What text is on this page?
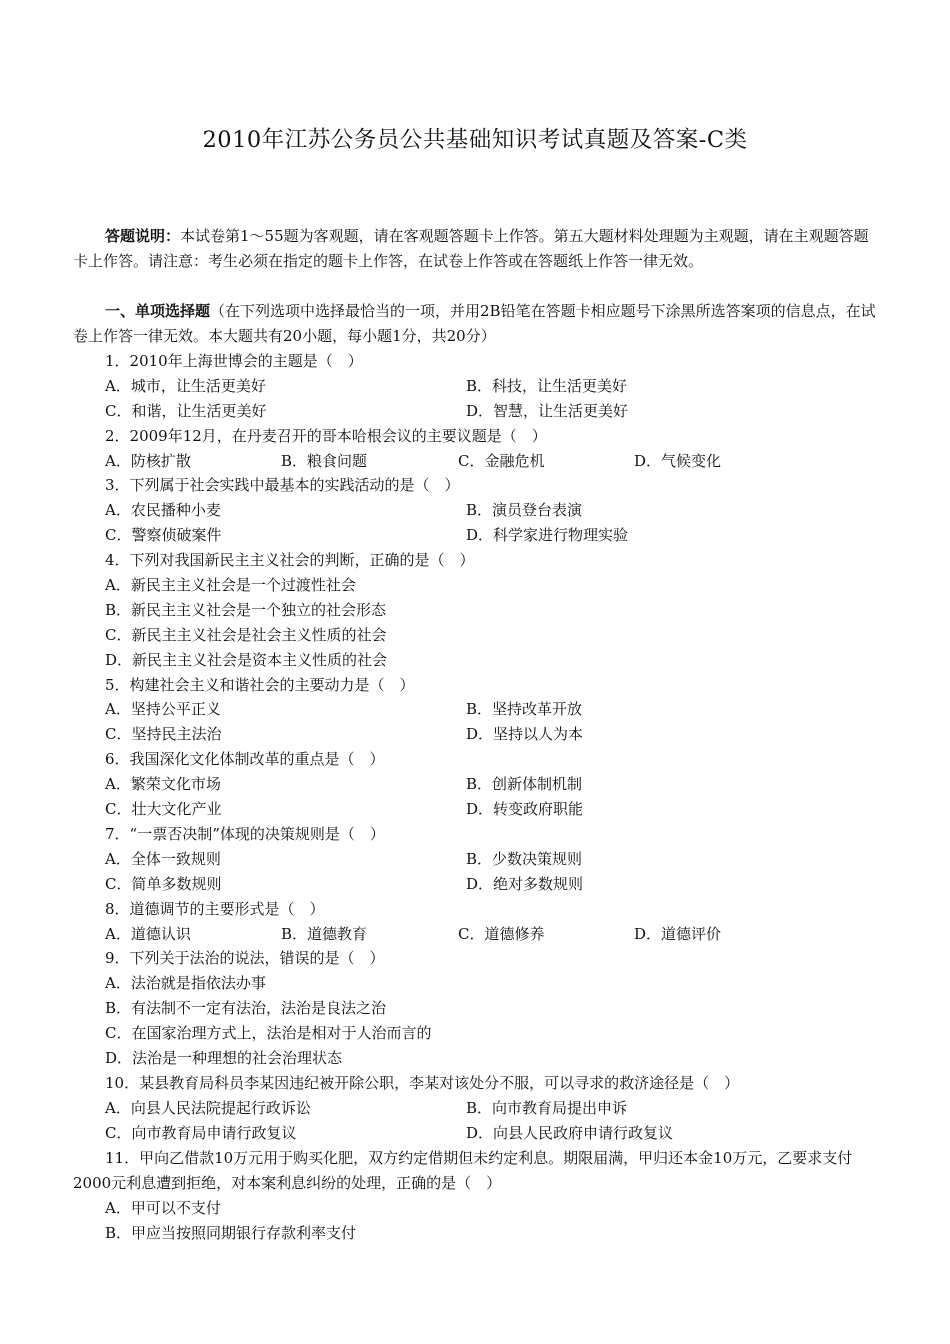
2010年江苏公务员公共基础知识考试真题及答案-C类
答题说明：本试卷第1～55题为客观题，请在客观题答题卡上作答。第五大题材料处理题为主观题，请在主观题答题卡上作答。请注意：考生必须在指定的题卡上作答，在试卷上作答或在答题纸上作答一律无效。
一、单项选择题（在下列选项中选择最恰当的一项，并用2B铅笔在答题卡相应题号下涂黑所选答案项的信息点，在试卷上作答一律无效。本大题共有20小题，每小题1分，共20分）
1．2010年上海世博会的主题是（　）
A．城市，让生活更美好	B．科技，让生活更美好
C．和谐，让生活更美好	D．智慧，让生活更美好
2．2009年12月，在丹麦召开的哥本哈根会议的主要议题是（　）
A．防核扩散	B．粮食问题	C．金融危机	D．气候变化
3．下列属于社会实践中最基本的实践活动的是（　）
A．农民播种小麦	B．演员登台表演
C．警察侦破案件	D．科学家进行物理实验
4．下列对我国新民主主义社会的判断，正确的是（　）
A．新民主主义社会是一个过渡性社会
B．新民主主义社会是一个独立的社会形态
C．新民主主义社会是社会主义性质的社会
D．新民主主义社会是资本主义性质的社会
5．构建社会主义和谐社会的主要动力是（　）
A．坚持公平正义	B．坚持改革开放
C．坚持民主法治	D．坚持以人为本
6．我国深化文化体制改革的重点是（　）
A．繁荣文化市场	B．创新体制机制
C．壮大文化产业	D．转变政府职能
7．“一票否决制”体现的决策规则是（　）
A．全体一致规则	B．少数决策规则
C．简单多数规则	D．绝对多数规则
8．道德调节的主要形式是（　）
A．道德认识	B．道德教育	C．道德修养	D．道德评价
9．下列关于法治的说法，错误的是（　）
A．法治就是指依法办事
B．有法制不一定有法治，法治是良法之治
C．在国家治理方式上，法治是相对于人治而言的
D．法治是一种理想的社会治理状态
10．某县教育局科员李某因违纪被开除公职，李某对该处分不服，可以寻求的救济途径是（　）
A．向县人民法院提起行政诉讼	B．向市教育局提出申诉
C．向市教育局申请行政复议	D．向县人民政府申请行政复议
11．甲向乙借款10万元用于购买化肥，双方约定借期但未约定利息。期限届满，甲归还本金10万元，乙要求支付2000元利息遭到拒绝，对本案利息纠纷的处理，正确的是（　）
A．甲可以不支付
B．甲应当按照同期银行存款利率支付
